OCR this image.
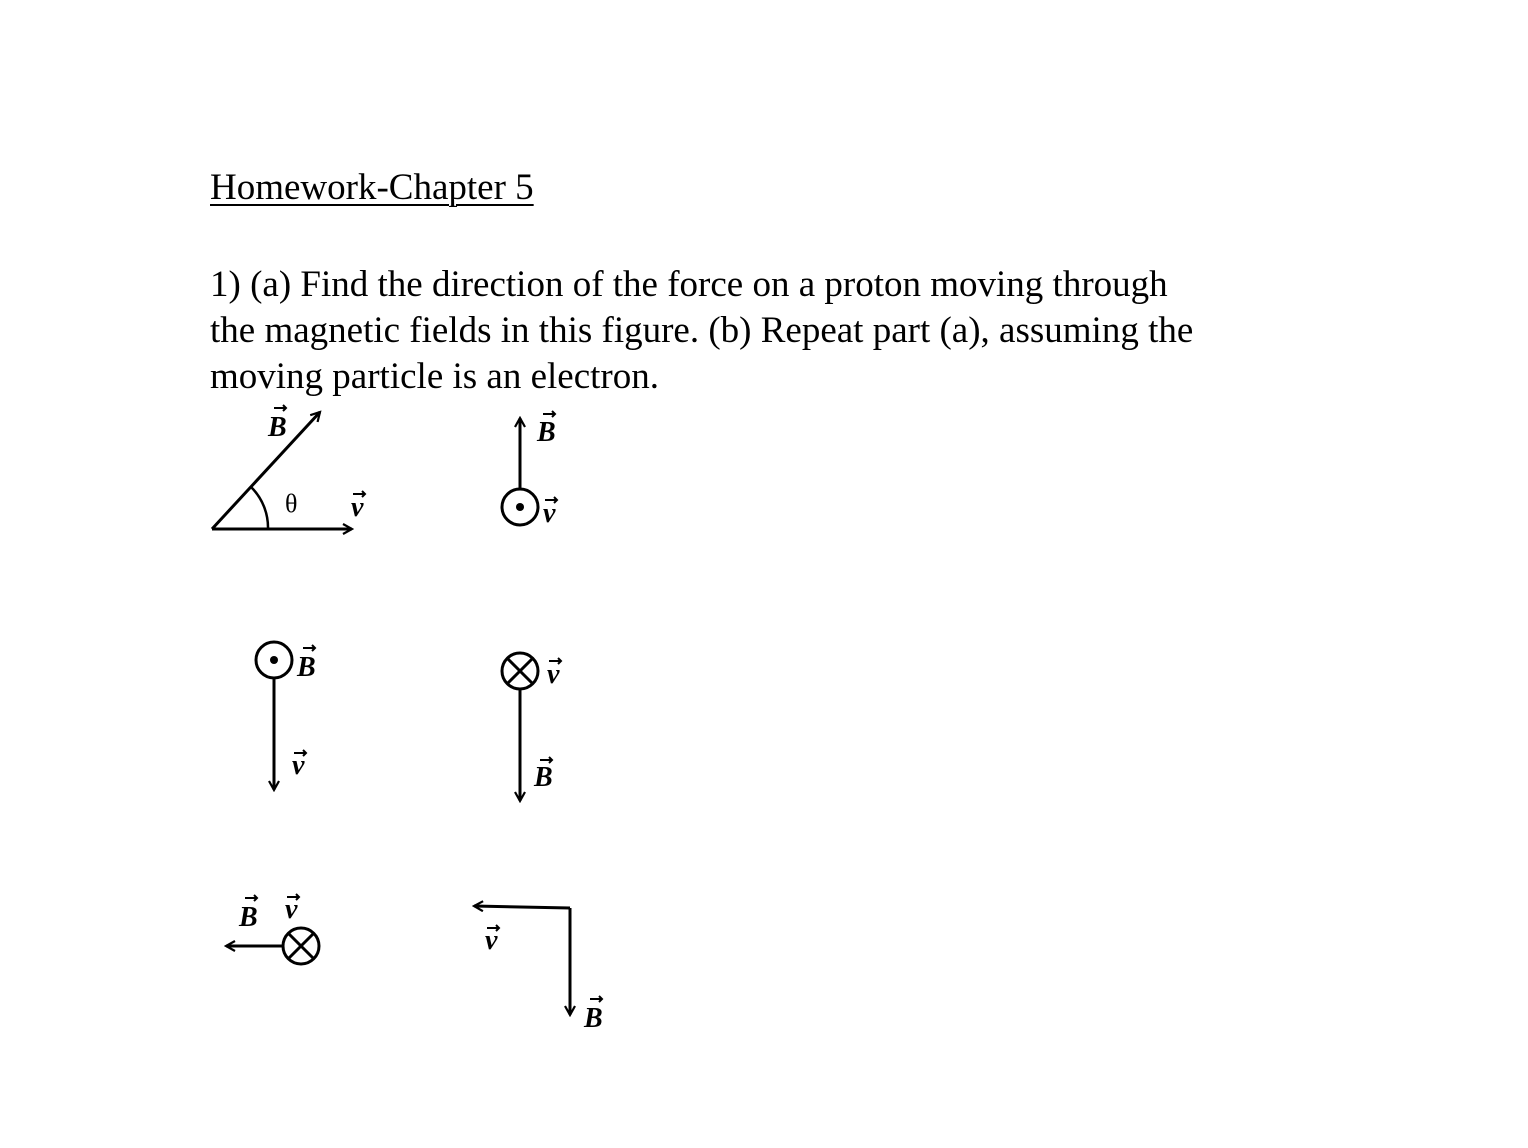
Homework-Chapter 5
1) (a) Find the direction of the force on a proton moving through
the magnetic fields in this figure. (b) Repeat part (a), assuming the
moving particle is an electron.
θ
B
v
B
v
B
v
v
B
B v
v
B
